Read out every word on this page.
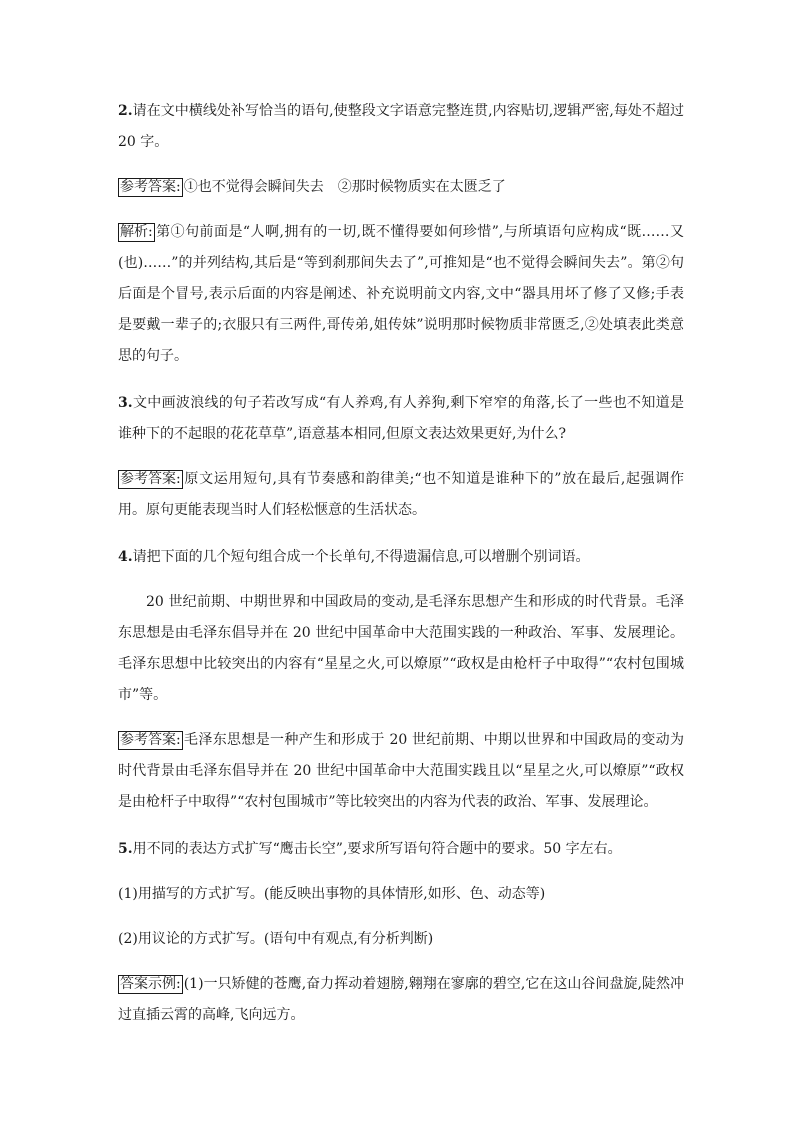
2.请在文中横线处补写恰当的语句,使整段文字语意完整连贯,内容贴切,逻辑严密,每处不超过 20 字。

参考答案: ①也不觉得会瞬间失去　②那时候物质实在太匮乏了

解析: 第①句前面是“人啊,拥有的一切,既不懂得要如何珍惜”,与所填语句应构成“既……又(也)……”的并列结构,其后是“等到刹那间失去了”,可推知是“也不觉得会瞬间失去”。第②句后面是个冒号,表示后面的内容是阐述、补充说明前文内容,文中“器具用坏了修了又修;手表是要戴一辈子的;衣服只有三两件,哥传弟,姐传妹”说明那时候物质非常匮乏,②处填表此类意思的句子。

3.文中画波浪线的句子若改写成“有人养鸡,有人养狗,剩下窄窄的角落,长了一些也不知道是谁种下的不起眼的花花草草”,语意基本相同,但原文表达效果更好,为什么?

参考答案: 原文运用短句,具有节奏感和韵律美;“也不知道是谁种下的”放在最后,起强调作用。原句更能表现当时人们轻松惬意的生活状态。

4.请把下面的几个短句组合成一个长单句,不得遗漏信息,可以增删个别词语。

20 世纪前期、中期世界和中国政局的变动,是毛泽东思想产生和形成的时代背景。毛泽东思想是由毛泽东倡导并在 20 世纪中国革命中大范围实践的一种政治、军事、发展理论。毛泽东思想中比较突出的内容有“星星之火,可以燎原”“政权是由枪杆子中取得”“农村包围城市”等。

参考答案: 毛泽东思想是一种产生和形成于 20 世纪前期、中期以世界和中国政局的变动为时代背景由毛泽东倡导并在 20 世纪中国革命中大范围实践且以“星星之火,可以燎原”“政权是由枪杆子中取得”“农村包围城市”等比较突出的内容为代表的政治、军事、发展理论。

5.用不同的表达方式扩写“鹰击长空”,要求所写语句符合题中的要求。50 字左右。

(1)用描写的方式扩写。(能反映出事物的具体情形,如形、色、动态等)

(2)用议论的方式扩写。(语句中有观点,有分析判断)

答案示例: (1)一只矫健的苍鹰,奋力挥动着翅膀,翱翔在寥廓的碧空,它在这山谷间盘旋,陡然冲过直插云霄的高峰,飞向远方。
